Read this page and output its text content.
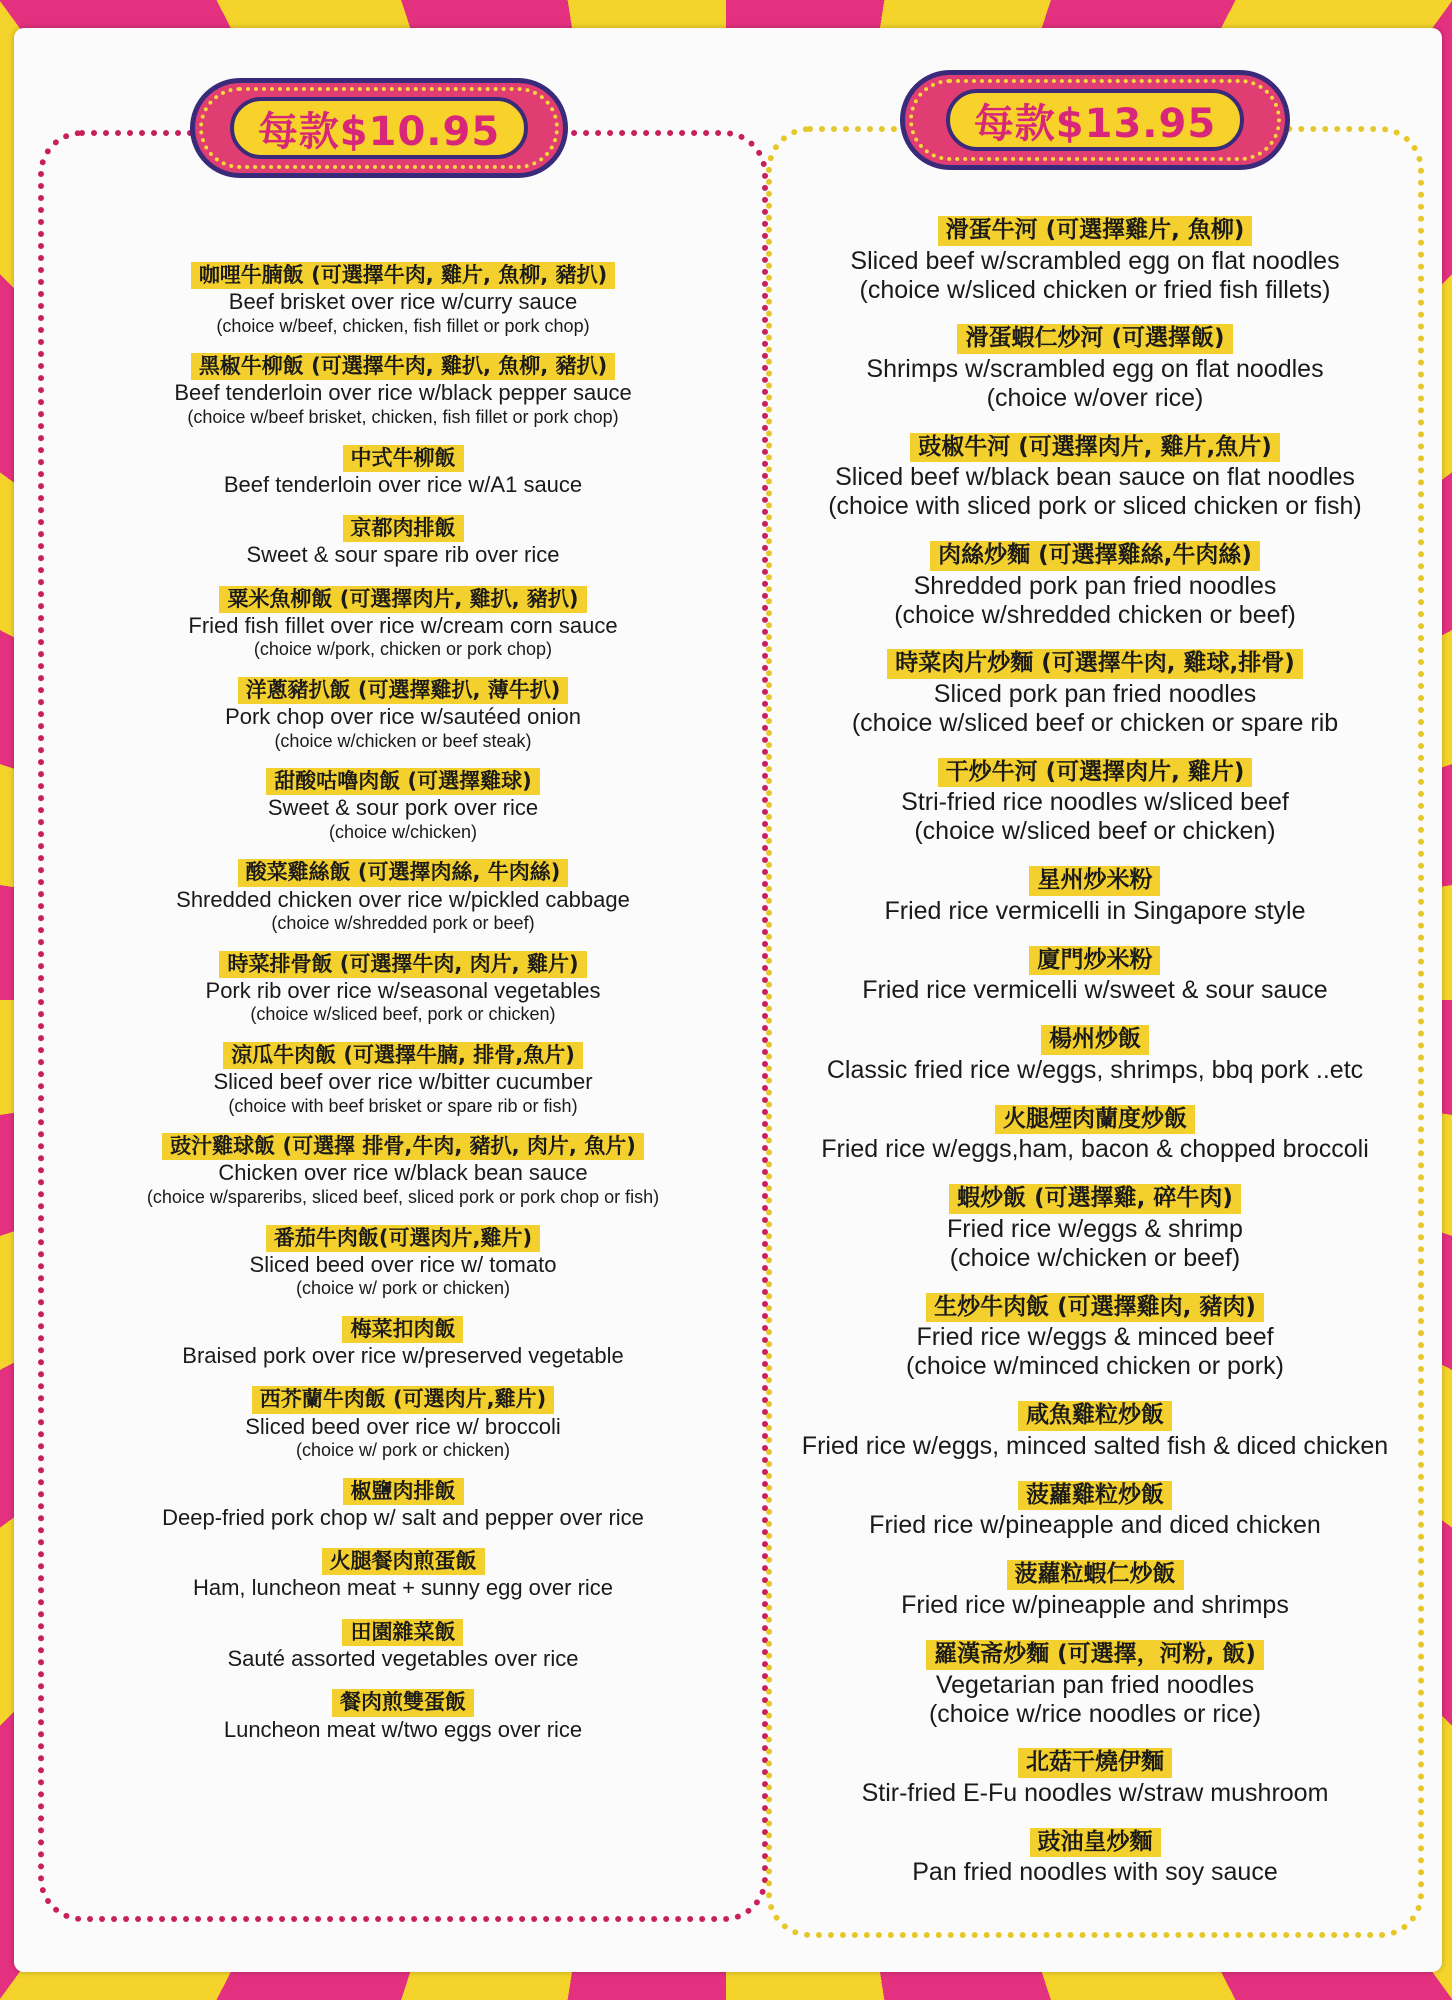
咖哩牛腩飯 (可選擇牛肉, 雞片, 魚柳, 豬扒)
Beef brisket over rice w/curry sauce
(choice w/beef, chicken, fish fillet or pork chop)
黑椒牛柳飯 (可選擇牛肉, 雞扒, 魚柳, 豬扒)
Beef tenderloin over rice w/black pepper sauce
(choice w/beef brisket, chicken, fish fillet or pork chop)
中式牛柳飯
Beef tenderloin over rice w/A1 sauce
京都肉排飯
Sweet & sour spare rib over rice
粟米魚柳飯 (可選擇肉片, 雞扒, 豬扒)
Fried fish fillet over rice w/cream corn sauce
(choice w/pork, chicken or pork chop)
洋蔥豬扒飯 (可選擇雞扒, 薄牛扒)
Pork chop over rice w/sautéed onion
(choice w/chicken or beef steak)
甜酸咕嚕肉飯 (可選擇雞球)
Sweet & sour pork over rice
(choice w/chicken)
酸菜雞絲飯 (可選擇肉絲, 牛肉絲)
Shredded chicken over rice w/pickled cabbage
(choice w/shredded pork or beef)
時菜排骨飯 (可選擇牛肉, 肉片, 雞片)
Pork rib over rice w/seasonal vegetables
(choice w/sliced beef, pork or chicken)
涼瓜牛肉飯 (可選擇牛腩, 排骨,魚片)
Sliced beef over rice w/bitter cucumber
(choice with beef brisket or spare rib or fish)
豉汁雞球飯 (可選擇 排骨,牛肉, 豬扒, 肉片, 魚片)
Chicken over rice w/black bean sauce
(choice w/spareribs, sliced beef, sliced pork or pork chop or fish)
番茄牛肉飯(可選肉片,雞片)
Sliced beed over rice w/ tomato
(choice w/ pork or chicken)
梅菜扣肉飯
Braised pork over rice w/preserved vegetable
西芥蘭牛肉飯 (可選肉片,雞片)
Sliced beed over rice w/ broccoli
(choice w/ pork or chicken)
椒鹽肉排飯
Deep-fried pork chop w/ salt and pepper over rice
火腿餐肉煎蛋飯
Ham, luncheon meat + sunny egg over rice
田園雜菜飯
Sauté assorted vegetables over rice
餐肉煎雙蛋飯
Luncheon meat w/two eggs over rice
滑蛋牛河 (可選擇雞片, 魚柳)
Sliced beef w/scrambled egg on flat noodles
(choice w/sliced chicken or fried fish fillets)
滑蛋蝦仁炒河 (可選擇飯)
Shrimps w/scrambled egg on flat noodles
(choice w/over rice)
豉椒牛河 (可選擇肉片, 雞片,魚片)
Sliced beef w/black bean sauce on flat noodles
(choice with sliced pork or sliced chicken or fish)
肉絲炒麵 (可選擇雞絲,牛肉絲)
Shredded pork pan fried noodles
(choice w/shredded chicken or beef)
時菜肉片炒麵 (可選擇牛肉, 雞球,排骨)
Sliced pork pan fried noodles
(choice w/sliced beef or chicken or spare rib
干炒牛河 (可選擇肉片, 雞片)
Stri-fried rice noodles w/sliced beef
(choice w/sliced beef or chicken)
星州炒米粉
Fried rice vermicelli in Singapore style
廈門炒米粉
Fried rice vermicelli w/sweet & sour sauce
楊州炒飯
Classic fried rice w/eggs, shrimps, bbq pork ..etc
火腿煙肉蘭度炒飯
Fried rice w/eggs,ham, bacon & chopped broccoli
蝦炒飯 (可選擇雞, 碎牛肉)
Fried rice w/eggs & shrimp
(choice w/chicken or beef)
生炒牛肉飯 (可選擇雞肉, 豬肉)
Fried rice w/eggs & minced beef
(choice w/minced chicken or pork)
咸魚雞粒炒飯
Fried rice w/eggs, minced salted fish & diced chicken
菠蘿雞粒炒飯
Fried rice w/pineapple and diced chicken
菠蘿粒蝦仁炒飯
Fried rice w/pineapple and shrimps
羅漢斋炒麵 (可選擇，河粉, 飯)
Vegetarian pan fried noodles
(choice w/rice noodles or rice)
北菇干燒伊麵
Stir-fried E-Fu noodles w/straw mushroom
豉油皇炒麵
Pan fried noodles with soy sauce
每款$10.95	每款$13.95
